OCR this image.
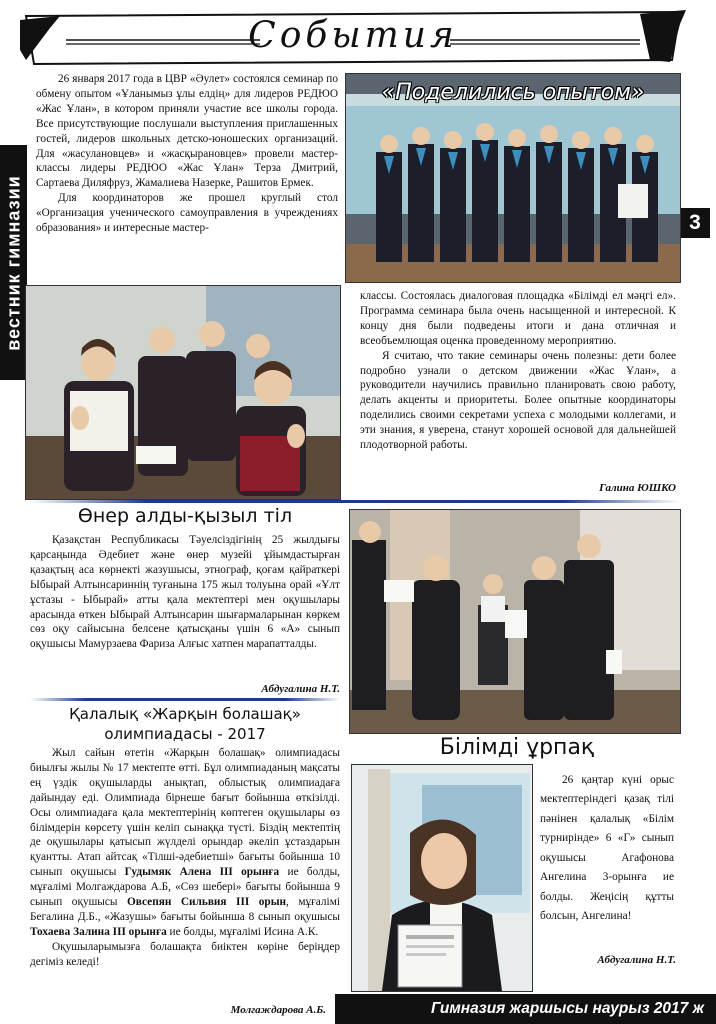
События
вестник гимназии	3

26 января 2017 года в ЦВР «Әулет» состоялся семинар по обмену опытом «Ұланымыз ұлы елдің» для лидеров РЕДЮО «Жас Ұлан», в котором приняли участие все школы города. Все присутствующие послушали выступления приглашенных гостей, лидеров школьных детско-юношеских организаций. Для «жасулановцев» и «жасқырановцев» провели мастер-классы лидеры РЕДЮО «Жас Ұлан» Терза Дмитрий, Сартаева Диляфруз, Жамалиева Назерке, Рашитов Ермек.

Для координаторов же прошел круглый стол «Организация ученического самоуправления в учреждениях образования» и интересные мастер-

«Поделились опытом»

классы. Состоялась диалоговая площадка «Білімді ел мәңгі ел». Программа семинара была очень насыщенной и интересной. К концу дня были подведены итоги и дана отличная и всеобъемлющая оценка проведенному мероприятию.

Я считаю, что такие семинары очень полезны: дети более подробно узнали о детском движении «Жас Ұлан», а руководители научились правильно планировать свою работу, делать акценты и приоритеты. Более опытные координаторы поделились своими секретами успеха с молодыми коллегами, и эти знания, я уверена, станут хорошей основой для дальнейшей плодотворной работы.

Галина ЮШКО
Өнер алды-қызыл тіл

Қазақстан Республикасы Тәуелсіздігінің 25 жылдығы қарсаңында Әдебиет және өнер музейі ұйымдастырған қазақтың аса көрнекті жазушысы, этнограф, қоғам қайраткері Ыбырай Алтынсариннің туғанына 175 жыл толуына орай «Ұлт ұстазы - Ыбырай» атты қала мектептері мен оқушылары арасында өткен Ыбырай Алтынсарин шығармаларынан көркем сөз оқу сайысына белсене қатысқаны үшін 6 «А» сынып оқушысы Мамурзаева Фариза Алғыс хатпен марапатталды.

Абдугалина Н.Т.
Қалалық «Жарқын болашақ»
олимпиадасы - 2017

Жыл сайын өтетін «Жарқын болашақ» олимпиадасы биылғы жылы № 17 мектепте өтті. Бұл олимпиаданың мақсаты ең үздік оқушыларды анықтап, облыстық олимпиадаға дайындау еді. Олимпиада бірнеше бағыт бойынша өткізілді. Осы олимпиадаға қала мектептерінің көптеген оқушылары өз білімдерін көрсету үшін келіп сынаққа түсті. Біздің мектептің де оқушылары қатысып жүлделі орындар әкеліп ұстаздарын қуантты. Атап айтсақ «Тілші-әдебиетші» бағыты бойынша 10 сынып оқушысы Гудымяк Алена III орынға ие болды, мұғалімі Молгаждарова А.Б, «Сөз шебері» бағыты бойынша 9 сынып оқушысы Овсепян Сильвия III орын, мұғалімі Бегалина Д.Б., «Жазушы» бағыты бойынша 8 сынып оқушысы Тохаева Залина III орынға ие болды, мұғалімі Исина А.К.

Оқушыларымызға болашақта биіктен көріне беріңдер дегіміз келеді!

Молгаждарова А.Б.
Білімді ұрпақ

26 қаңтар күні орыс мектептеріндегі қазақ тілі пәнінен қалалық «Білім турнирінде» 6 «Г» сынып оқушысы Агафонова Ангелина 3-орынға ие болды. Жеңісің құтты болсын, Ангелина!

Абдугалина Н.Т.
Гимназия жаршысы наурыз 2017 ж
